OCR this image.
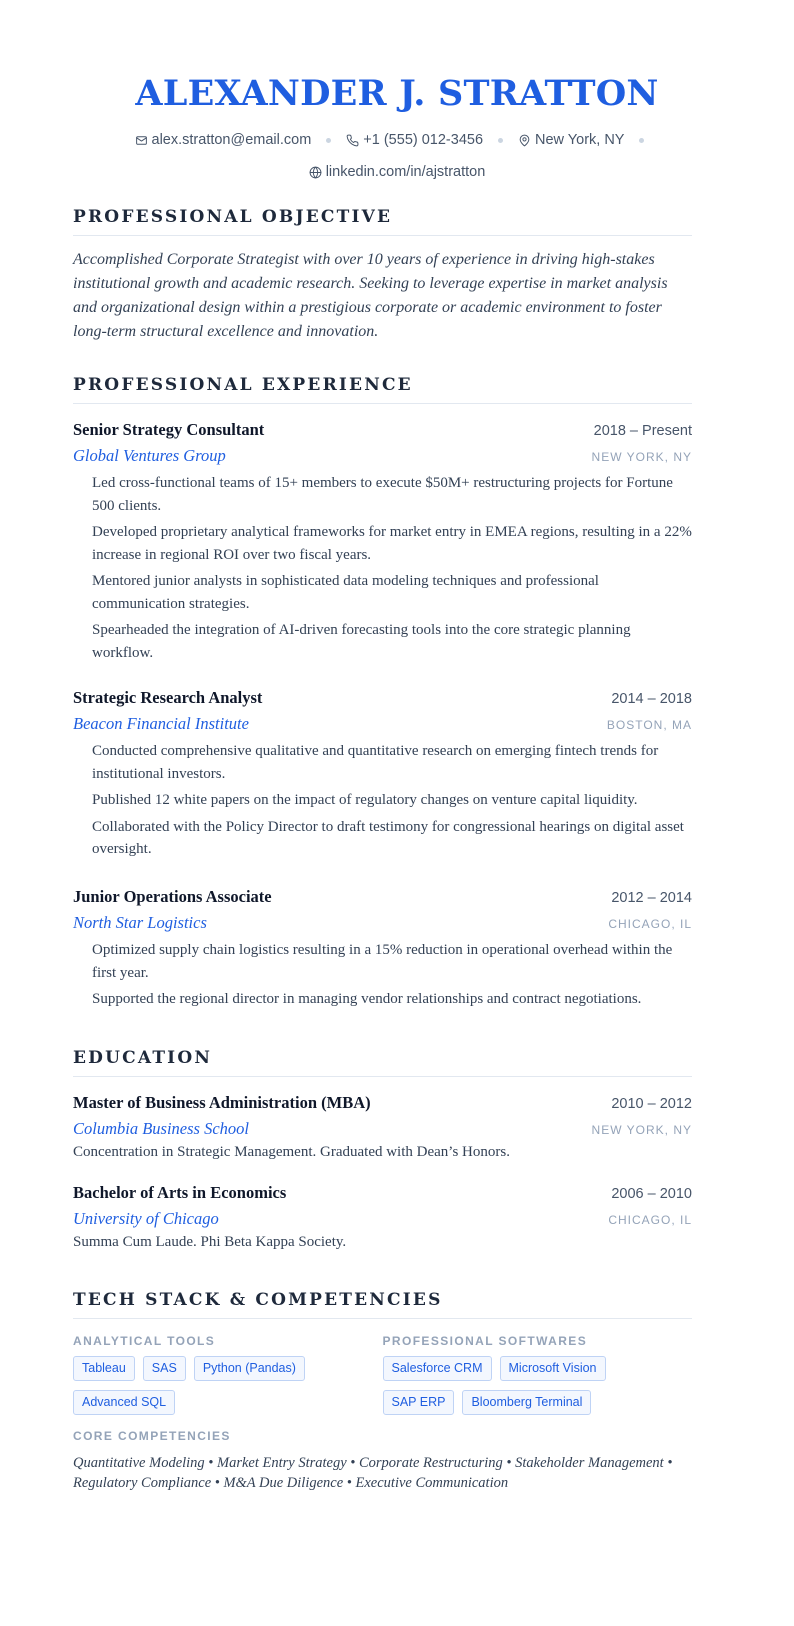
ALEXANDER J. STRATTON
alex.stratton@email.com	+1 (555) 012-3456	New York, NY
linkedin.com/in/ajstratton
PROFESSIONAL OBJECTIVE
Accomplished Corporate Strategist with over 10 years of experience in driving high-stakes institutional growth and academic research. Seeking to leverage expertise in market analysis and organizational design within a prestigious corporate or academic environment to foster long-term structural excellence and innovation.
PROFESSIONAL EXPERIENCE
Senior Strategy Consultant	2018 – Present
Global Ventures Group	NEW YORK, NY
Led cross-functional teams of 15+ members to execute $50M+ restructuring projects for Fortune 500 clients.
Developed proprietary analytical frameworks for market entry in EMEA regions, resulting in a 22% increase in regional ROI over two fiscal years.
Mentored junior analysts in sophisticated data modeling techniques and professional communication strategies.
Spearheaded the integration of AI-driven forecasting tools into the core strategic planning workflow.
Strategic Research Analyst	2014 – 2018
Beacon Financial Institute	BOSTON, MA
Conducted comprehensive qualitative and quantitative research on emerging fintech trends for institutional investors.
Published 12 white papers on the impact of regulatory changes on venture capital liquidity.
Collaborated with the Policy Director to draft testimony for congressional hearings on digital asset oversight.
Junior Operations Associate	2012 – 2014
North Star Logistics	CHICAGO, IL
Optimized supply chain logistics resulting in a 15% reduction in operational overhead within the first year.
Supported the regional director in managing vendor relationships and contract negotiations.
EDUCATION
Master of Business Administration (MBA)	2010 – 2012
Columbia Business School	NEW YORK, NY
Concentration in Strategic Management. Graduated with Dean’s Honors.
Bachelor of Arts in Economics	2006 – 2010
University of Chicago	CHICAGO, IL
Summa Cum Laude. Phi Beta Kappa Society.
TECH STACK & COMPETENCIES
ANALYTICAL TOOLS
Tableau	SAS	Python (Pandas)
Advanced SQL
PROFESSIONAL SOFTWARES
Salesforce CRM	Microsoft Vision
SAP ERP	Bloomberg Terminal
CORE COMPETENCIES
Quantitative Modeling • Market Entry Strategy • Corporate Restructuring • Stakeholder Management • Regulatory Compliance • M&A Due Diligence • Executive Communication
